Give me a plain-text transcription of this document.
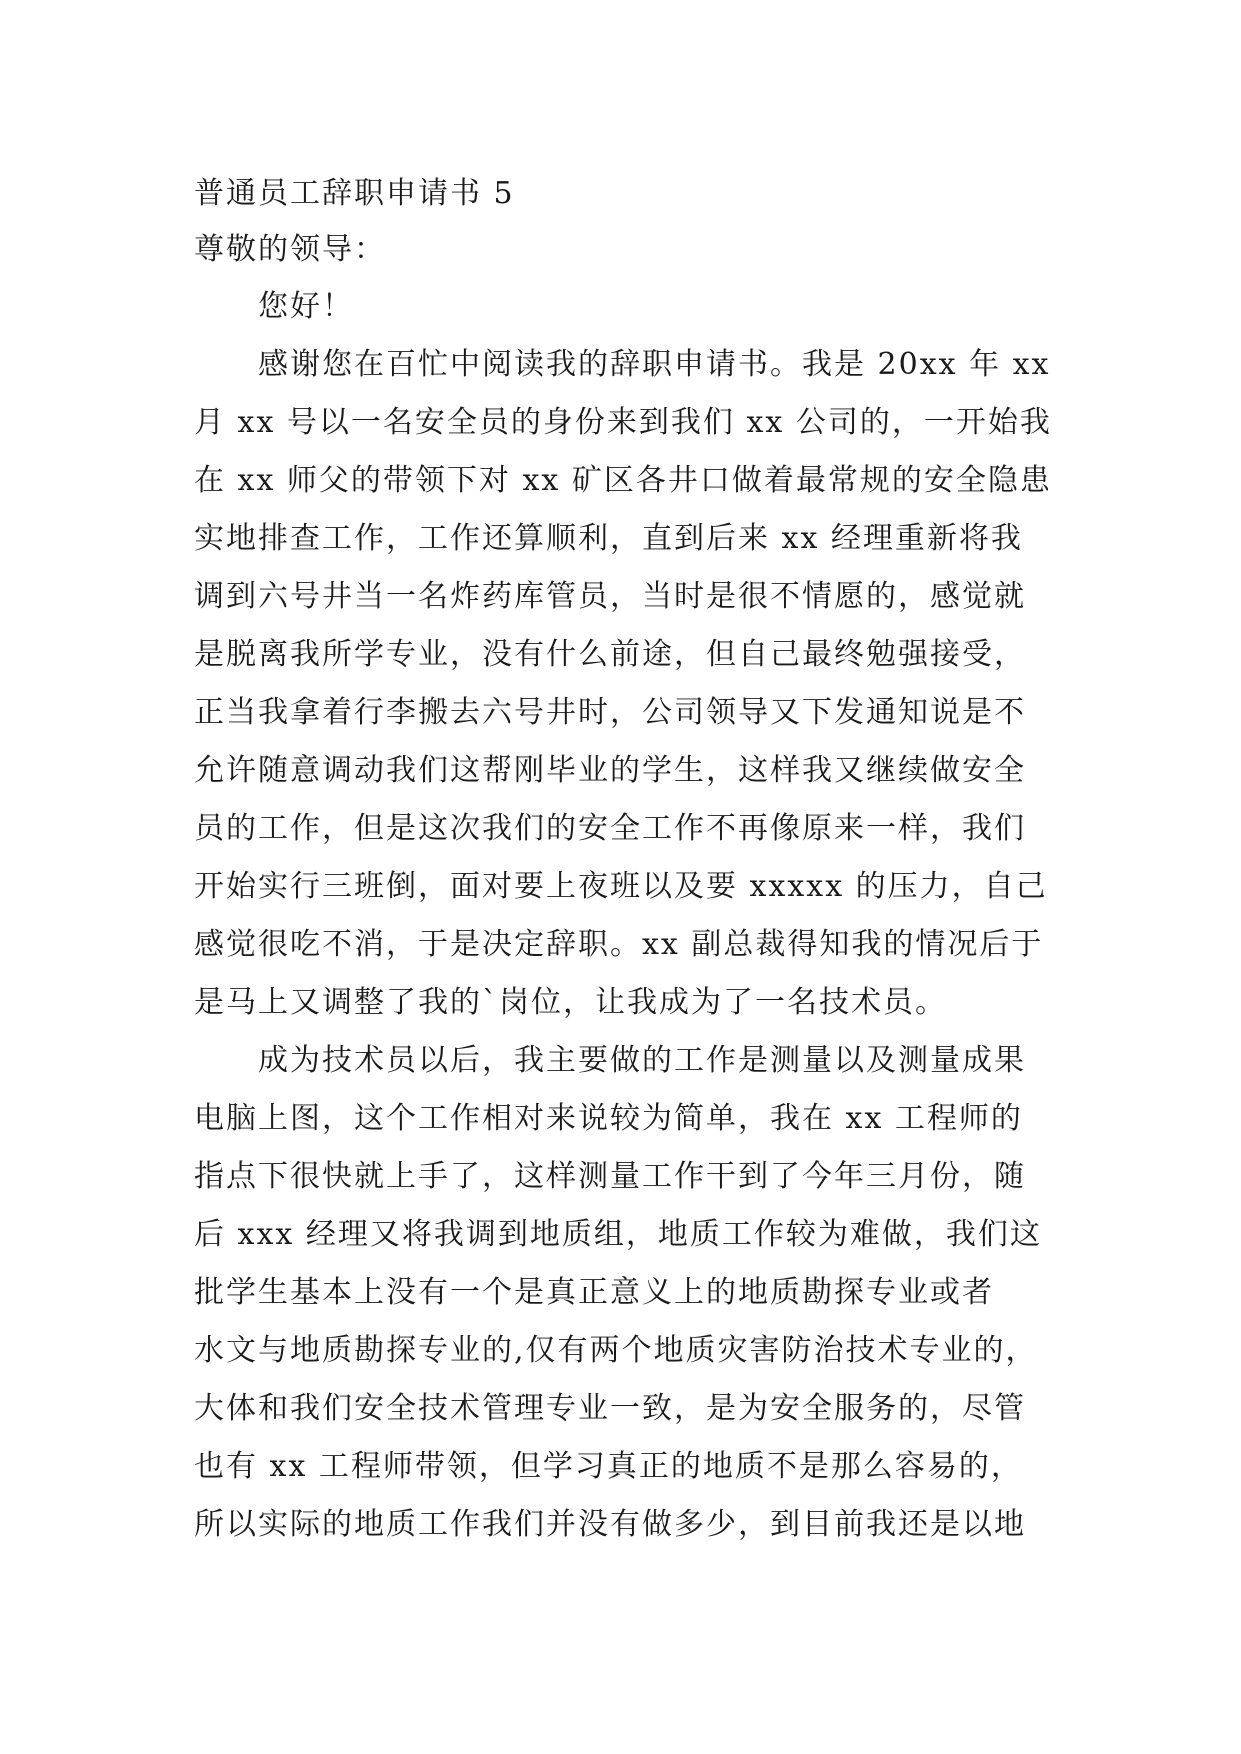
普通员工辞职申请书 5
尊敬的领导：
您好！
感谢您在百忙中阅读我的辞职申请书。我是 20xx 年 xx
月 xx 号以一名安全员的身份来到我们 xx 公司的，一开始我
在 xx 师父的带领下对 xx 矿区各井口做着最常规的安全隐患
实地排查工作，工作还算顺利，直到后来 xx 经理重新将我
调到六号井当一名炸药库管员，当时是很不情愿的，感觉就
是脱离我所学专业，没有什么前途，但自己最终勉强接受，
正当我拿着行李搬去六号井时，公司领导又下发通知说是不
允许随意调动我们这帮刚毕业的学生，这样我又继续做安全
员的工作，但是这次我们的安全工作不再像原来一样，我们
开始实行三班倒，面对要上夜班以及要 xxxxx 的压力，自己
感觉很吃不消，于是决定辞职。xx 副总裁得知我的情况后于
是马上又调整了我的`岗位，让我成为了一名技术员。
成为技术员以后，我主要做的工作是测量以及测量成果
电脑上图，这个工作相对来说较为简单，我在 xx 工程师的
指点下很快就上手了，这样测量工作干到了今年三月份，随
后 xxx 经理又将我调到地质组，地质工作较为难做，我们这
批学生基本上没有一个是真正意义上的地质勘探专业或者
水文与地质勘探专业的,仅有两个地质灾害防治技术专业的，
大体和我们安全技术管理专业一致，是为安全服务的，尽管
也有 xx 工程师带领，但学习真正的地质不是那么容易的，
所以实际的地质工作我们并没有做多少，到目前我还是以地
